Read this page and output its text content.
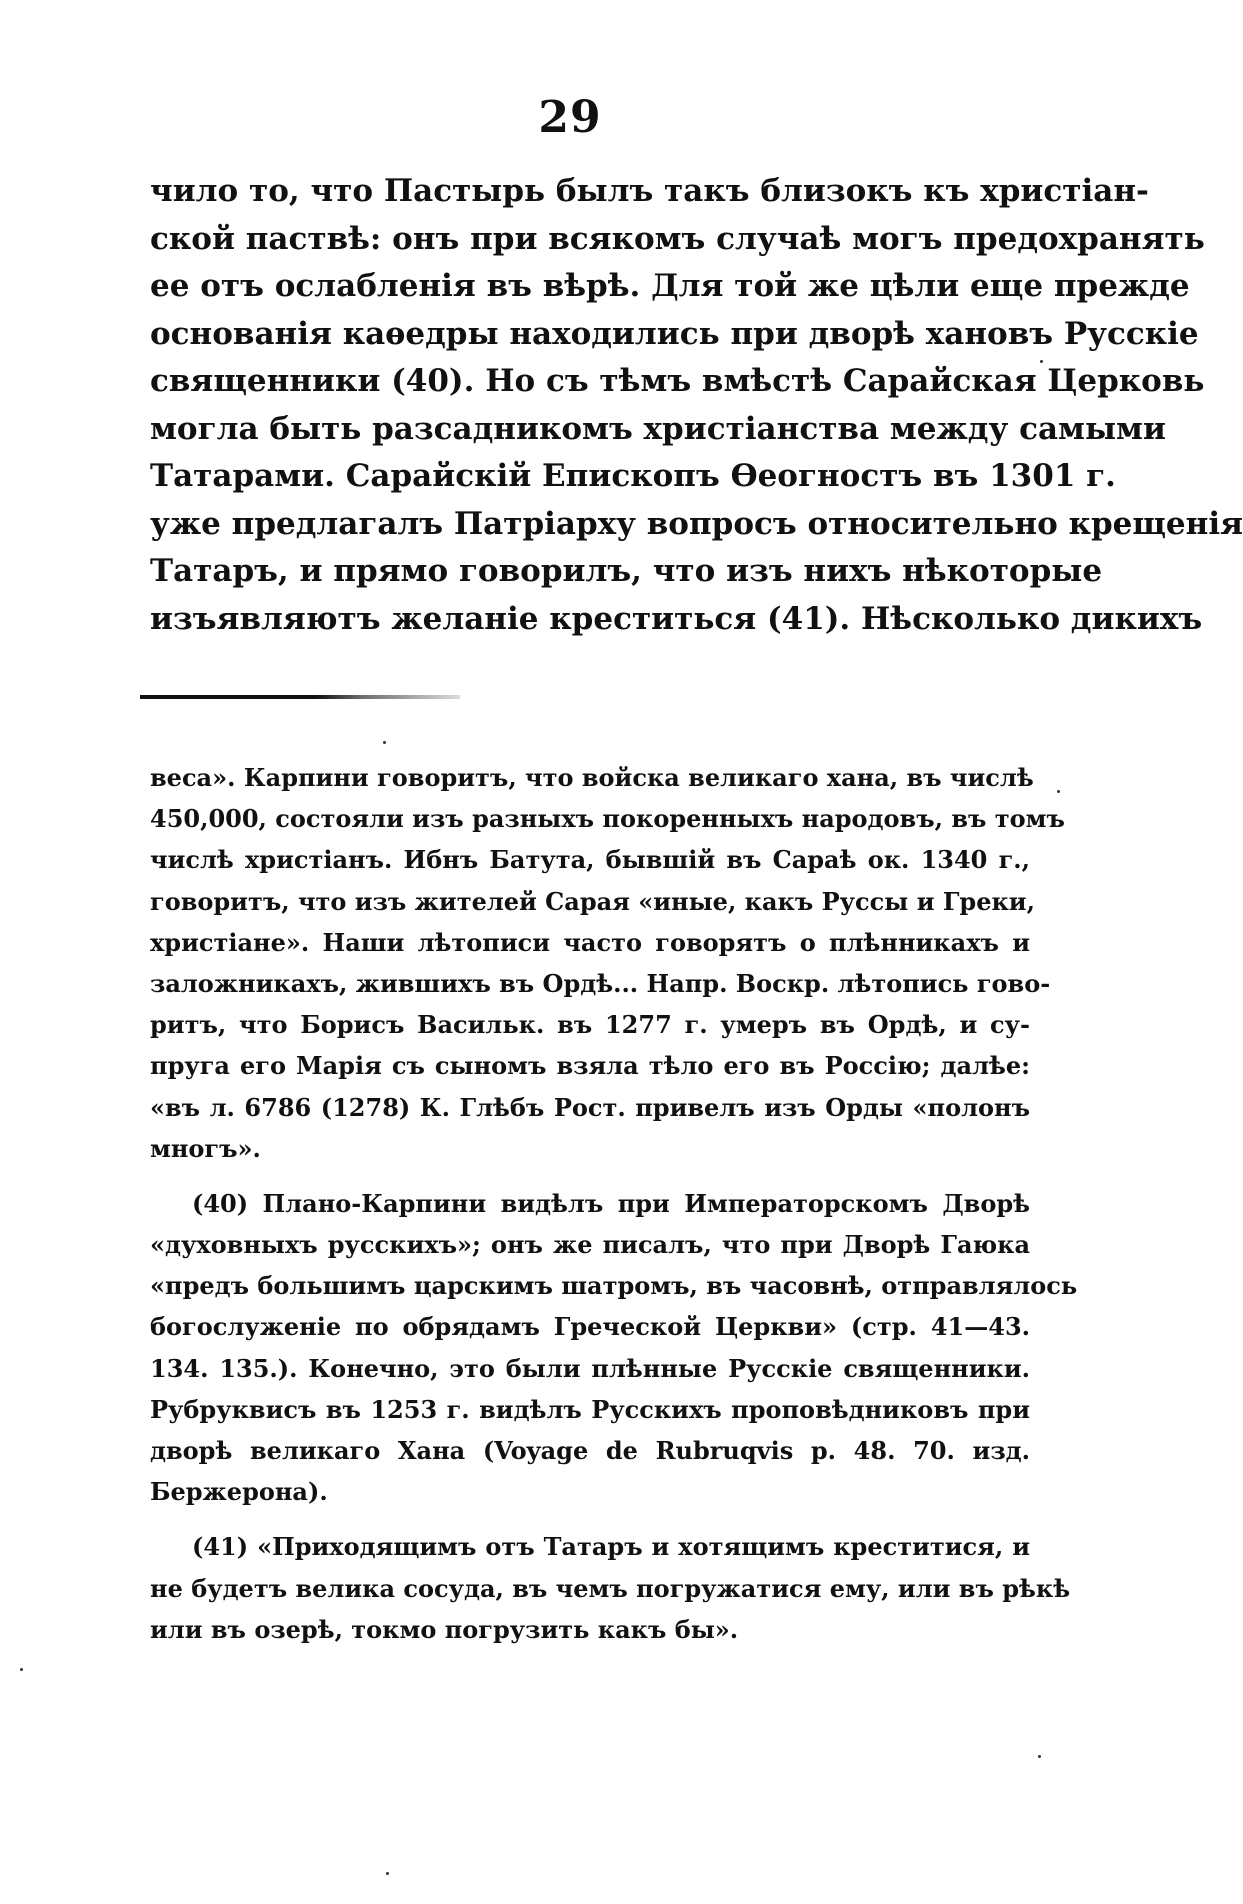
29
чило то, что Пастырь былъ такъ близокъ къ христіан-
ской паствѣ: онъ при всякомъ случаѣ могъ предохранять
ее отъ ослабленія въ вѣрѣ. Для той же цѣли еще прежде
основанія каѳедры находились при дворѣ хановъ Русскіе
священники (40). Но съ тѣмъ вмѣстѣ Сарайская Церковь
могла быть разсадникомъ христіанства между самыми
Татарами. Сарайскій Епископъ Ѳеогностъ въ 1301 г.
уже предлагалъ Патріарху вопросъ относительно крещенія
Татаръ, и прямо говорилъ, что изъ нихъ нѣкоторые
изъявляютъ желаніе креститься (41). Нѣсколько дикихъ
веса». Карпини говоритъ, что войска великаго хана, въ числѣ
450,000, состояли изъ разныхъ покоренныхъ народовъ, въ томъ
числѣ христіанъ. Ибнъ Батута, бывшій въ Сараѣ ок. 1340 г.,
говоритъ, что изъ жителей Сарая «иные, какъ Руссы и Греки,
христіане». Наши лѣтописи часто говорятъ о плѣнникахъ и
заложникахъ, жившихъ въ Ордѣ... Напр. Воскр. лѣтопись гово-
ритъ, что Борисъ Васильк. въ 1277 г. умеръ въ Ордѣ, и су-
пруга его Марія съ сыномъ взяла тѣло его въ Россію; далѣе:
«въ л. 6786 (1278) К. Глѣбъ Рост. привелъ изъ Орды «полонъ
многъ».
(40) Плано-Карпини видѣлъ при Императорскомъ Дворѣ
«духовныхъ русскихъ»; онъ же писалъ, что при Дворѣ Гаюка
«предъ большимъ царскимъ шатромъ, въ часовнѣ, отправлялось
богослуженіе по обрядамъ Греческой Церкви» (стр. 41—43.
134. 135.). Конечно, это были плѣнные Русскіе священники.
Рубруквисъ въ 1253 г. видѣлъ Русскихъ проповѣдниковъ при
дворѣ великаго Хана (Voyage de Rubruqvis p. 48. 70. изд.
Бержерона).
(41) «Приходящимъ отъ Татаръ и хотящимъ креститися, и
не будетъ велика сосуда, въ чемъ погружатися ему, или въ рѣкѣ
или въ озерѣ, токмо погрузить какъ бы».
